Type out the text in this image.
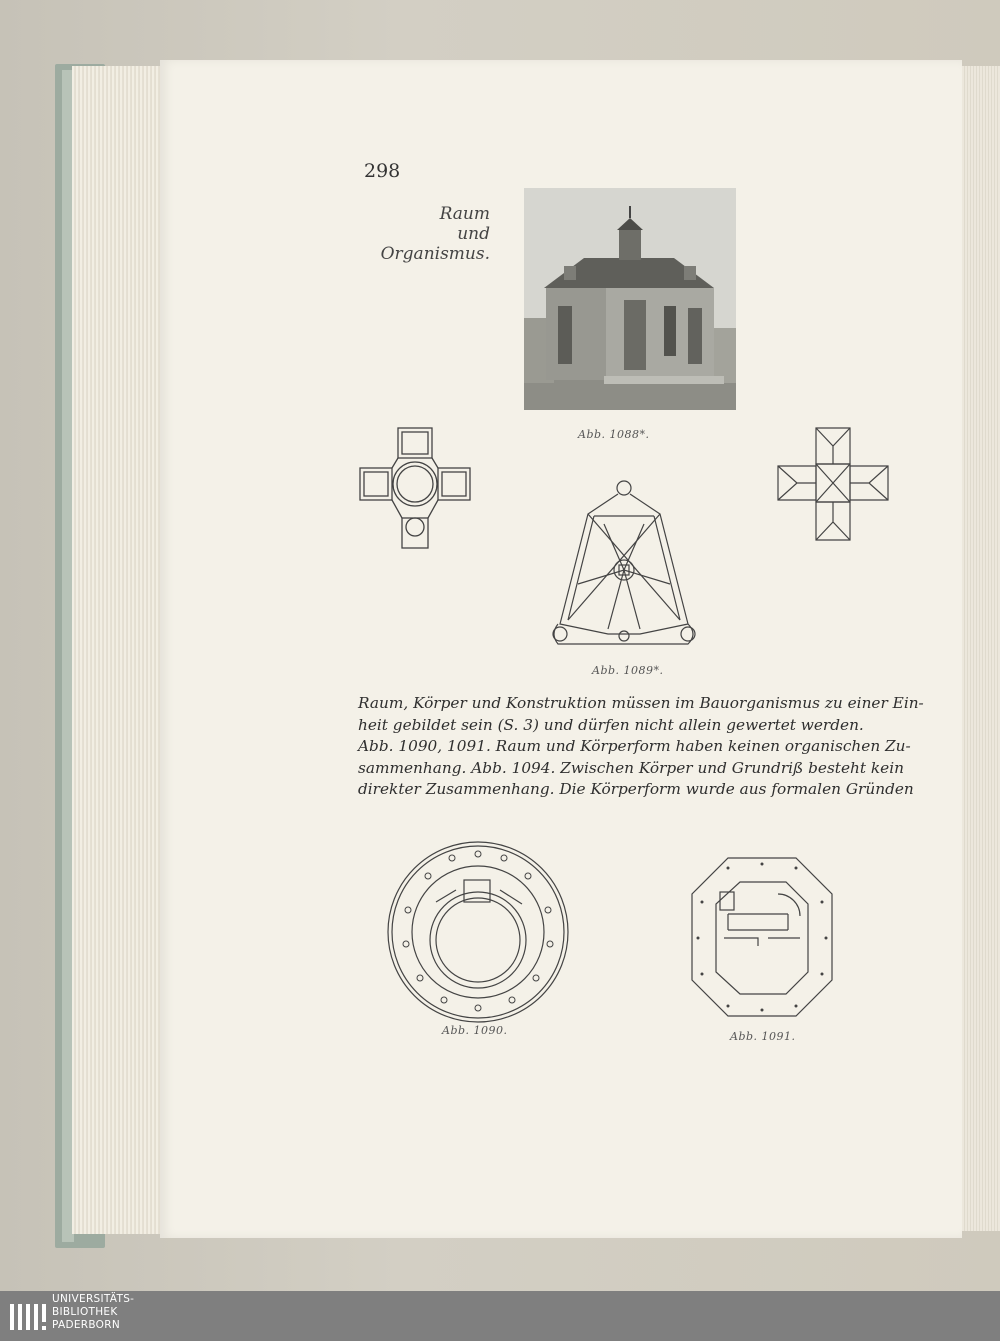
298
Raum
und
Organismus.
Abb. 1088*.
Abb. 1089*.
Raum, Körper und Konstruktion müssen im Bauorganismus zu einer Ein-
heit gebildet sein (S. 3) und dürfen nicht allein gewertet werden.
Abb. 1090, 1091. Raum und Körperform haben keinen organischen Zu-
sammenhang. Abb. 1094. Zwischen Körper und Grundriß besteht kein
direkter Zusammenhang. Die Körperform wurde aus formalen Gründen
Abb. 1090.	Abb. 1091.
UNIVERSITÄTS-
BIBLIOTHEK
PADERBORN
